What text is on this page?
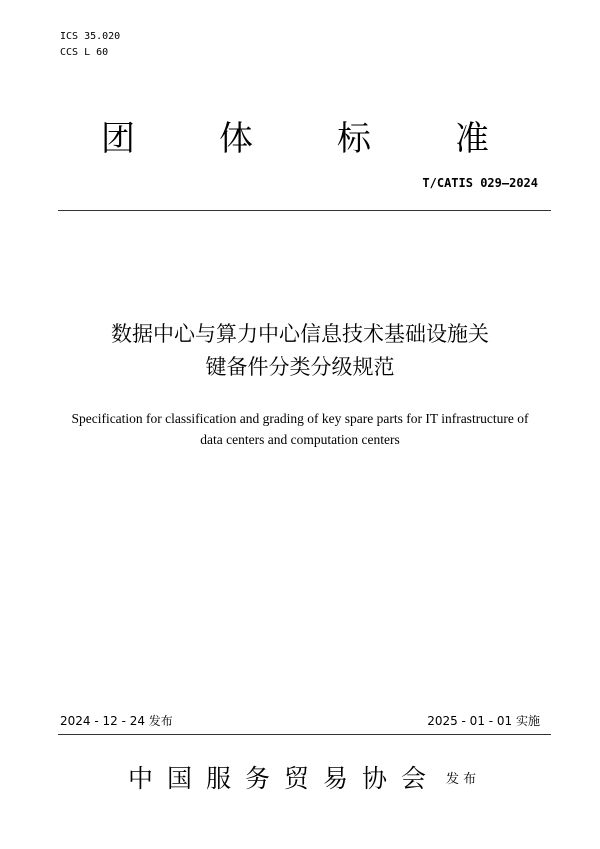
ICS 35.020
CCS L 60
团 体 标 准
T/CATIS 029—2024
数据中心与算力中心信息技术基础设施关
键备件分类分级规范
Specification for classification and grading of key spare parts for IT infrastructure of
data centers and computation centers
2024 - 12 - 24 发布	2025 - 01 - 01 实施
中 国 服 务 贸 易 协 会 发 布
